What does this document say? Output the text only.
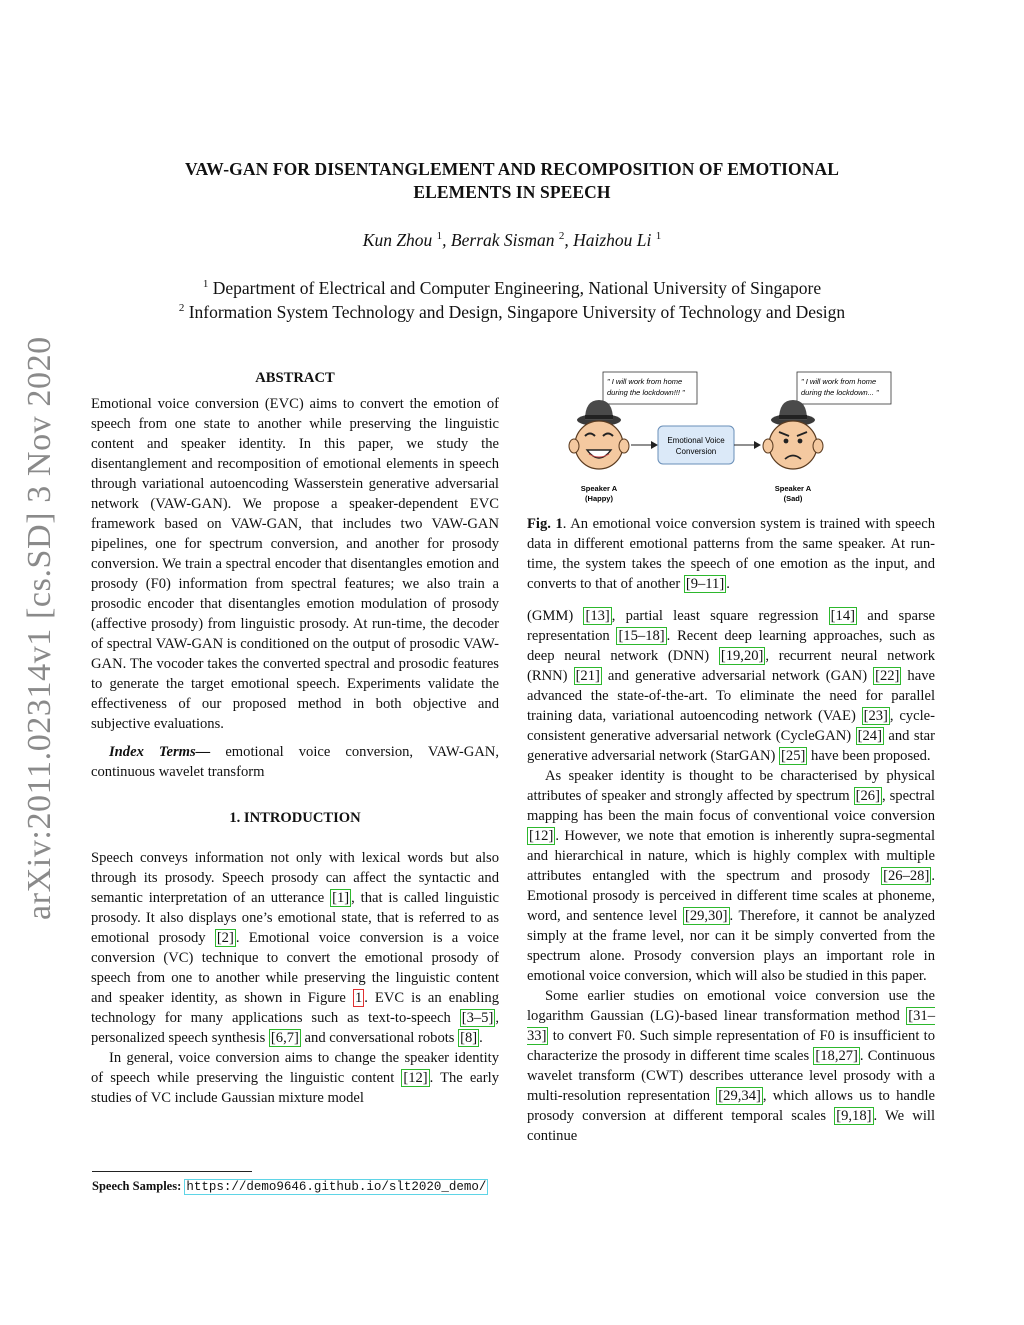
arXiv:2011.02314v1 [cs.SD] 3 Nov 2020
VAW-GAN FOR DISENTANGLEMENT AND RECOMPOSITION OF EMOTIONAL
ELEMENTS IN SPEECH
Kun Zhou $^1$, Berrak Sisman $^2$, Haizhou Li $^1$
$^1$ Department of Electrical and Computer Engineering, National University of Singapore
$^2$ Information System Technology and Design, Singapore University of Technology and Design
ABSTRACT

Emotional voice conversion (EVC) aims to convert the emotion of speech from one state to another while preserving the linguistic content and speaker identity. In this paper, we study the disentanglement and recomposition of emotional elements in speech through variational autoencoding Wasserstein generative adversarial network (VAW-GAN). We propose a speaker-dependent EVC framework based on VAW-GAN, that includes two VAW-GAN pipelines, one for spectrum conversion, and another for prosody conversion. We train a spectral encoder that disentangles emotion and prosody (F0) information from spectral features; we also train a prosodic encoder that disentangles emotion modulation of prosody (affective prosody) from linguistic prosody. At run-time, the decoder of spectral VAW-GAN is conditioned on the output of prosodic VAW-GAN. The vocoder takes the converted spectral and prosodic features to generate the target emotional speech. Experiments validate the effectiveness of our proposed method in both objective and subjective evaluations.

Index Terms— emotional voice conversion, VAW-GAN, continuous wavelet transform

1. INTRODUCTION

Speech conveys information not only with lexical words but also through its prosody. Speech prosody can affect the syntactic and semantic interpretation of an utterance [1] , that is called linguistic prosody. It also displays one’s emotional state, that is referred to as emotional prosody [2] . Emotional voice conversion is a voice conversion (VC) technique to convert the emotional prosody of speech from one to another while preserving the linguistic content and speaker identity, as shown in Figure 1 . EVC is an enabling technology for many applications such as text-to-speech [3–5] , personalized speech synthesis [6,7] and conversational robots [8] .

In general, voice conversion aims to change the speaker identity of speech while preserving the linguistic content [12] . The early studies of VC include Gaussian mixture model

Speech Samples: https://demo9646.github.io/slt2020_demo/
" I will work from home
during the lockdown!!! "
" I will work from home
during the lockdown... "
Emotional Voice
Conversion
Speaker A
(Happy)
Speaker A
(Sad)

Fig. 1. An emotional voice conversion system is trained with speech data in different emotional patterns from the same speaker. At run-time, the system takes the speech of one emotion as the input, and converts to that of another [9–11] .

(GMM) [13] , partial least square regression [14] and sparse representation [15–18] . Recent deep learning approaches, such as deep neural network (DNN) [19,20] , recurrent neural network (RNN) [21] and generative adversarial network (GAN) [22] have advanced the state-of-the-art. To eliminate the need for parallel training data, variational autoencoding network (VAE) [23] , cycle-consistent generative adversarial network (CycleGAN) [24] and star generative adversarial network (StarGAN) [25] have been proposed.

As speaker identity is thought to be characterised by physical attributes of speaker and strongly affected by spectrum [26] , spectral mapping has been the main focus of conventional voice conversion [12] . However, we note that emotion is inherently supra-segmental and hierarchical in nature, which is highly complex with multiple attributes entangled with the spectrum and prosody [26–28] . Emotional prosody is perceived in different time scales at phoneme, word, and sentence level [29,30] . Therefore, it cannot be analyzed simply at the frame level, nor can it be simply converted from the spectrum alone. Prosody conversion plays an important role in emotional voice conversion, which will also be studied in this paper.

Some earlier studies on emotional voice conversion use the logarithm Gaussian (LG)-based linear transformation method [31–33] to convert F0. Such simple representation of F0 is insufficient to characterize the prosody in different time scales [18,27] . Continuous wavelet transform (CWT) describes utterance level prosody with a multi-resolution representation [29,34] , which allows us to handle prosody conversion at different temporal scales [9,18] . We will continue
